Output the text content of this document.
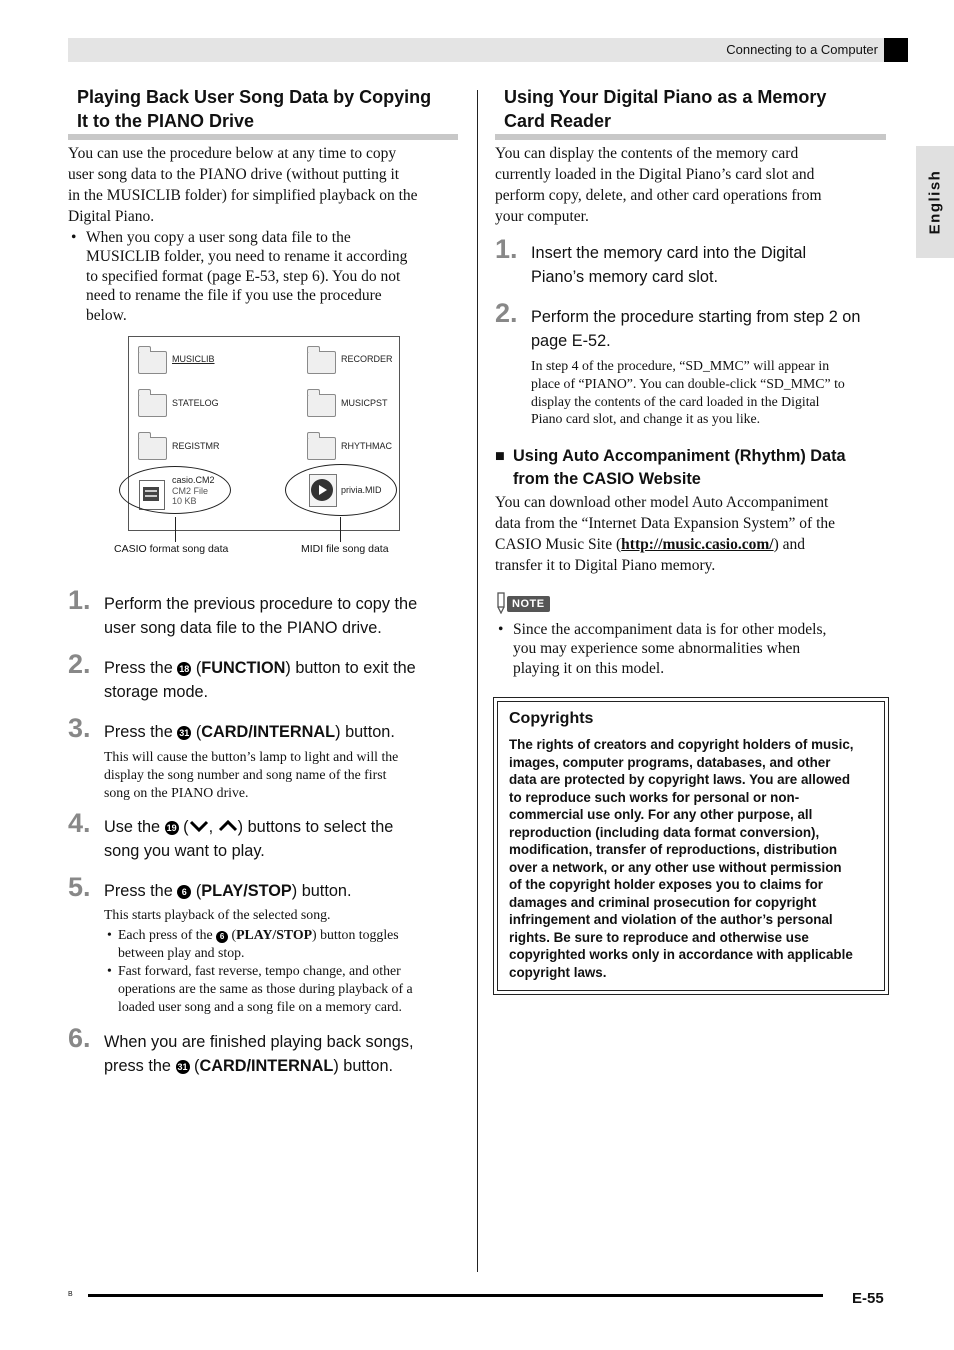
Connecting to a Computer
English
Playing Back User Song Data by Copying
It to the PIANO Drive
You can use the procedure below at any time to copy
user song data to the PIANO drive (without putting it
in the MUSICLIB folder) for simplified playback on the
Digital Piano.
• When you copy a user song data file to the
MUSICLIB folder, you need to rename it according
to specified format (page E-53, step 6). You do not
need to rename the file if you use the procedure
below.
MUSICLIB	RECORDER
STATELOG	MUSICPST
REGISTMR	RHYTHMAC
casio.CM2
CM2 File
10 KB
privia.MID
CASIO format song data	MIDI file song data
1. Perform the previous procedure to copy the
user song data file to the PIANO drive.
2. Press the 18 (FUNCTION) button to exit the
storage mode.
3. Press the 31 (CARD/INTERNAL) button.
This will cause the button’s lamp to light and will the
display the song number and song name of the first
song on the PIANO drive.
4. Use the 19 ( , ) buttons to select the
song you want to play.
5. Press the 6 (PLAY/STOP) button.
This starts playback of the selected song.
• Each press of the 6 (PLAY/STOP) button toggles
between play and stop.
• Fast forward, fast reverse, tempo change, and other
operations are the same as those during playback of a
loaded user song and a song file on a memory card.
6. When you are finished playing back songs,
press the 31 (CARD/INTERNAL) button.
Using Your Digital Piano as a Memory
Card Reader
You can display the contents of the memory card
currently loaded in the Digital Piano’s card slot and
perform copy, delete, and other card operations from
your computer.
1. Insert the memory card into the Digital
Piano’s memory card slot.
2. Perform the procedure starting from step 2 on
page E-52.
In step 4 of the procedure, “SD_MMC” will appear in
place of “PIANO”. You can double-click “SD_MMC” to
display the contents of the card loaded in the Digital
Piano card slot, and change it as you like.
■ Using Auto Accompaniment (Rhythm) Data
from the CASIO Website
You can download other model Auto Accompaniment
data from the “Internet Data Expansion System” of the
CASIO Music Site (http://music.casio.com/) and
transfer it to Digital Piano memory.
NOTE
• Since the accompaniment data is for other models,
you may experience some abnormalities when
playing it on this model.
Copyrights
The rights of creators and copyright holders of music,
images, computer programs, databases, and other
data are protected by copyright laws. You are allowed
to reproduce such works for personal or non-
commercial use only. For any other purpose, all
reproduction (including data format conversion),
modification, transfer of reproductions, distribution
over a network, or any other use without permission
of the copyright holder exposes you to claims for
damages and criminal prosecution for copyright
infringement and violation of the author’s personal
rights. Be sure to reproduce and otherwise use
copyrighted works only in accordance with applicable
copyright laws.
B	E-55
